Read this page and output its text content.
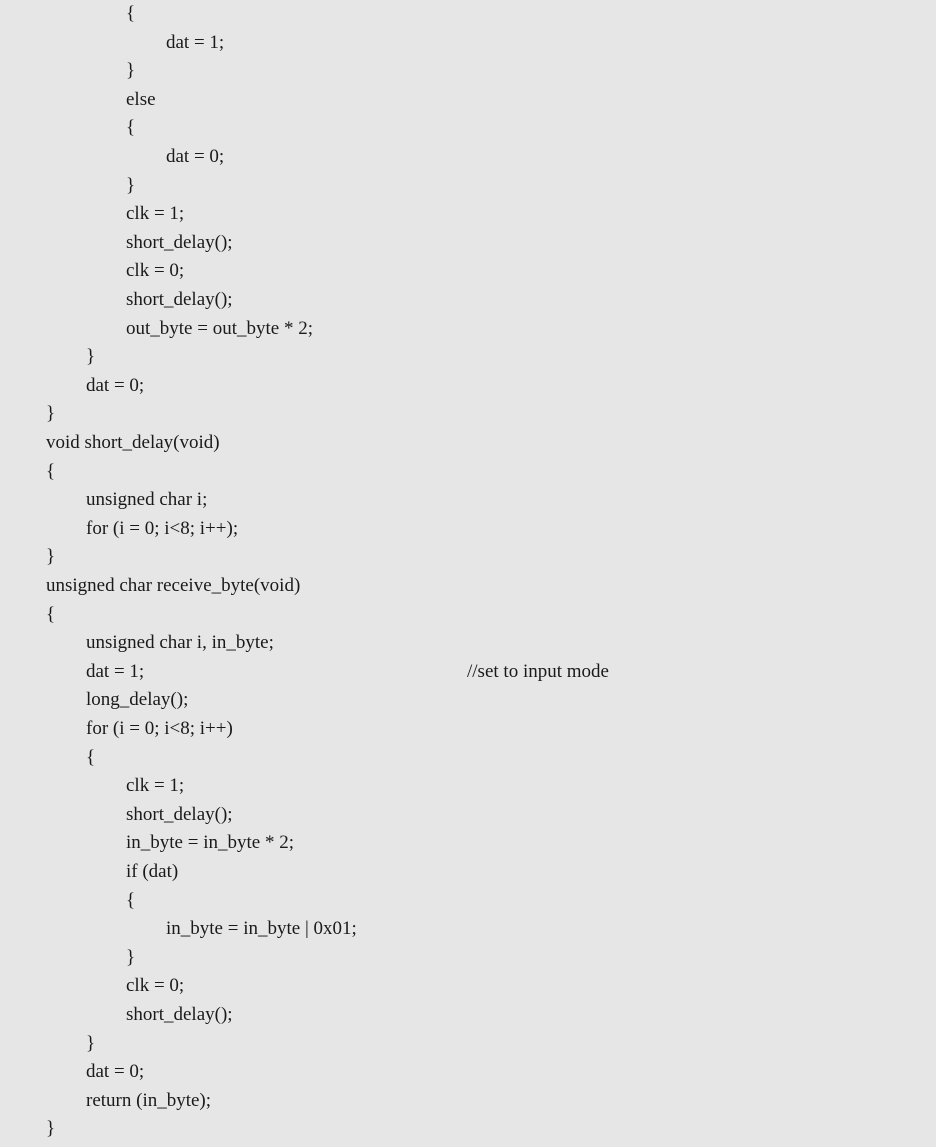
{
dat = 1;
}
else
{
dat = 0;
}
clk = 1;
short_delay();
clk = 0;
short_delay();
out_byte = out_byte * 2;
}
dat = 0;
}
void short_delay(void)
{
unsigned char i;
for (i = 0; i<8; i++);
}
unsigned char receive_byte(void)
{
unsigned char i, in_byte;
dat = 1;	//set to input mode
long_delay();
for (i = 0; i<8; i++)
{
clk = 1;
short_delay();
in_byte = in_byte * 2;
if (dat)
{
in_byte = in_byte | 0x01;
}
clk = 0;
short_delay();
}
dat = 0;
return (in_byte);
}
